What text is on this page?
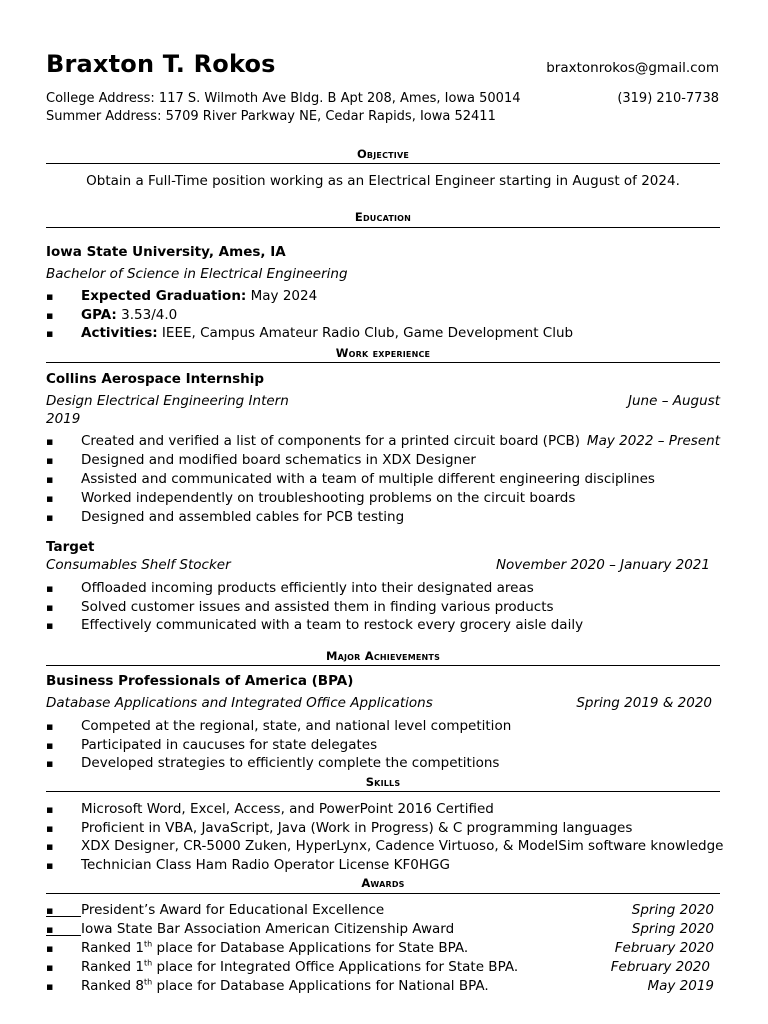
Braxton T. Rokos	braxtonrokos@gmail.com
College Address: 117 S. Wilmoth Ave Bldg. B Apt 208, Ames, Iowa 50014	(319) 210-7738
Summer Address: 5709 River Parkway NE, Cedar Rapids, Iowa 52411
Objective
Obtain a Full-Time position working as an Electrical Engineer starting in August of 2024.
Education
Iowa State University, Ames, IA
Bachelor of Science in Electrical Engineering
▪ Expected Graduation: May 2024
▪ GPA: 3.53/4.0
▪ Activities: IEEE, Campus Amateur Radio Club, Game Development Club
Work experience
Collins Aerospace Internship
Design Electrical Engineering Intern	June – August
2019
▪ Created and verified a list of components for a printed circuit board (PCB) May 2022 – Present
▪ Designed and modified board schematics in XDX Designer
▪ Assisted and communicated with a team of multiple different engineering disciplines
▪ Worked independently on troubleshooting problems on the circuit boards
▪ Designed and assembled cables for PCB testing
Target
Consumables Shelf Stocker	November 2020 – January 2021
▪ Offloaded incoming products efficiently into their designated areas
▪ Solved customer issues and assisted them in finding various products
▪ Effectively communicated with a team to restock every grocery aisle daily
Major Achievements
Business Professionals of America (BPA)
Database Applications and Integrated Office Applications	Spring 2019 & 2020
▪ Competed at the regional, state, and national level competition
▪ Participated in caucuses for state delegates
▪ Developed strategies to efficiently complete the competitions
Skills
▪ Microsoft Word, Excel, Access, and PowerPoint 2016 Certified
▪ Proficient in VBA, JavaScript, Java (Work in Progress) & C programming languages
▪ XDX Designer, CR-5000 Zuken, HyperLynx, Cadence Virtuoso, & ModelSim software knowledge
▪ Technician Class Ham Radio Operator License KF0HGG
Awards
▪ President’s Award for Educational Excellence	Spring 2020
▪ Iowa State Bar Association American Citizenship Award	Spring 2020
▪ Ranked 1th place for Database Applications for State BPA.	February 2020
▪ Ranked 1th place for Integrated Office Applications for State BPA.	February 2020
▪ Ranked 8th place for Database Applications for National BPA.	May 2019
